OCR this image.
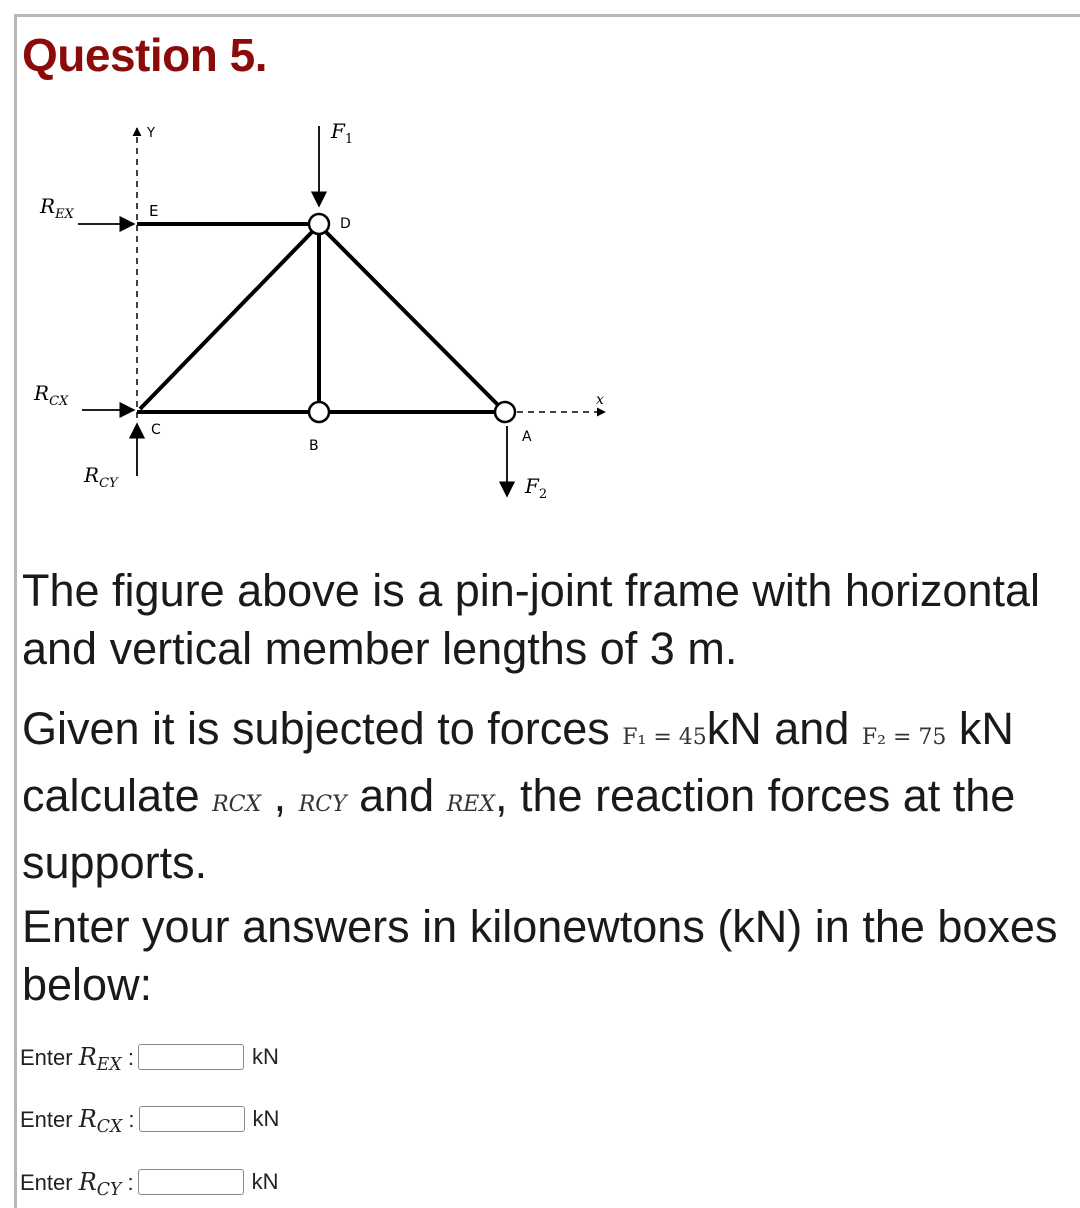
Question 5.
Y
x
E
D
C
B
A
$F_1$
$R_{EX}$
$R_{CX}$
$R_{CY}$	$F_2$
The figure above is a pin-joint frame with horizontal and vertical member lengths of 3 m.
Given it is subjected to forces F₁ = 45kN and F₂ = 75 kN calculate RCX , RCY and REX, the reaction forces at the supports.
Enter your answers in kilonewtons (kN) in the boxes below:
Enter $R_{EX}$ :	kN
Enter $R_{CX}$ :	kN
Enter $R_{CY}$ :	kN
